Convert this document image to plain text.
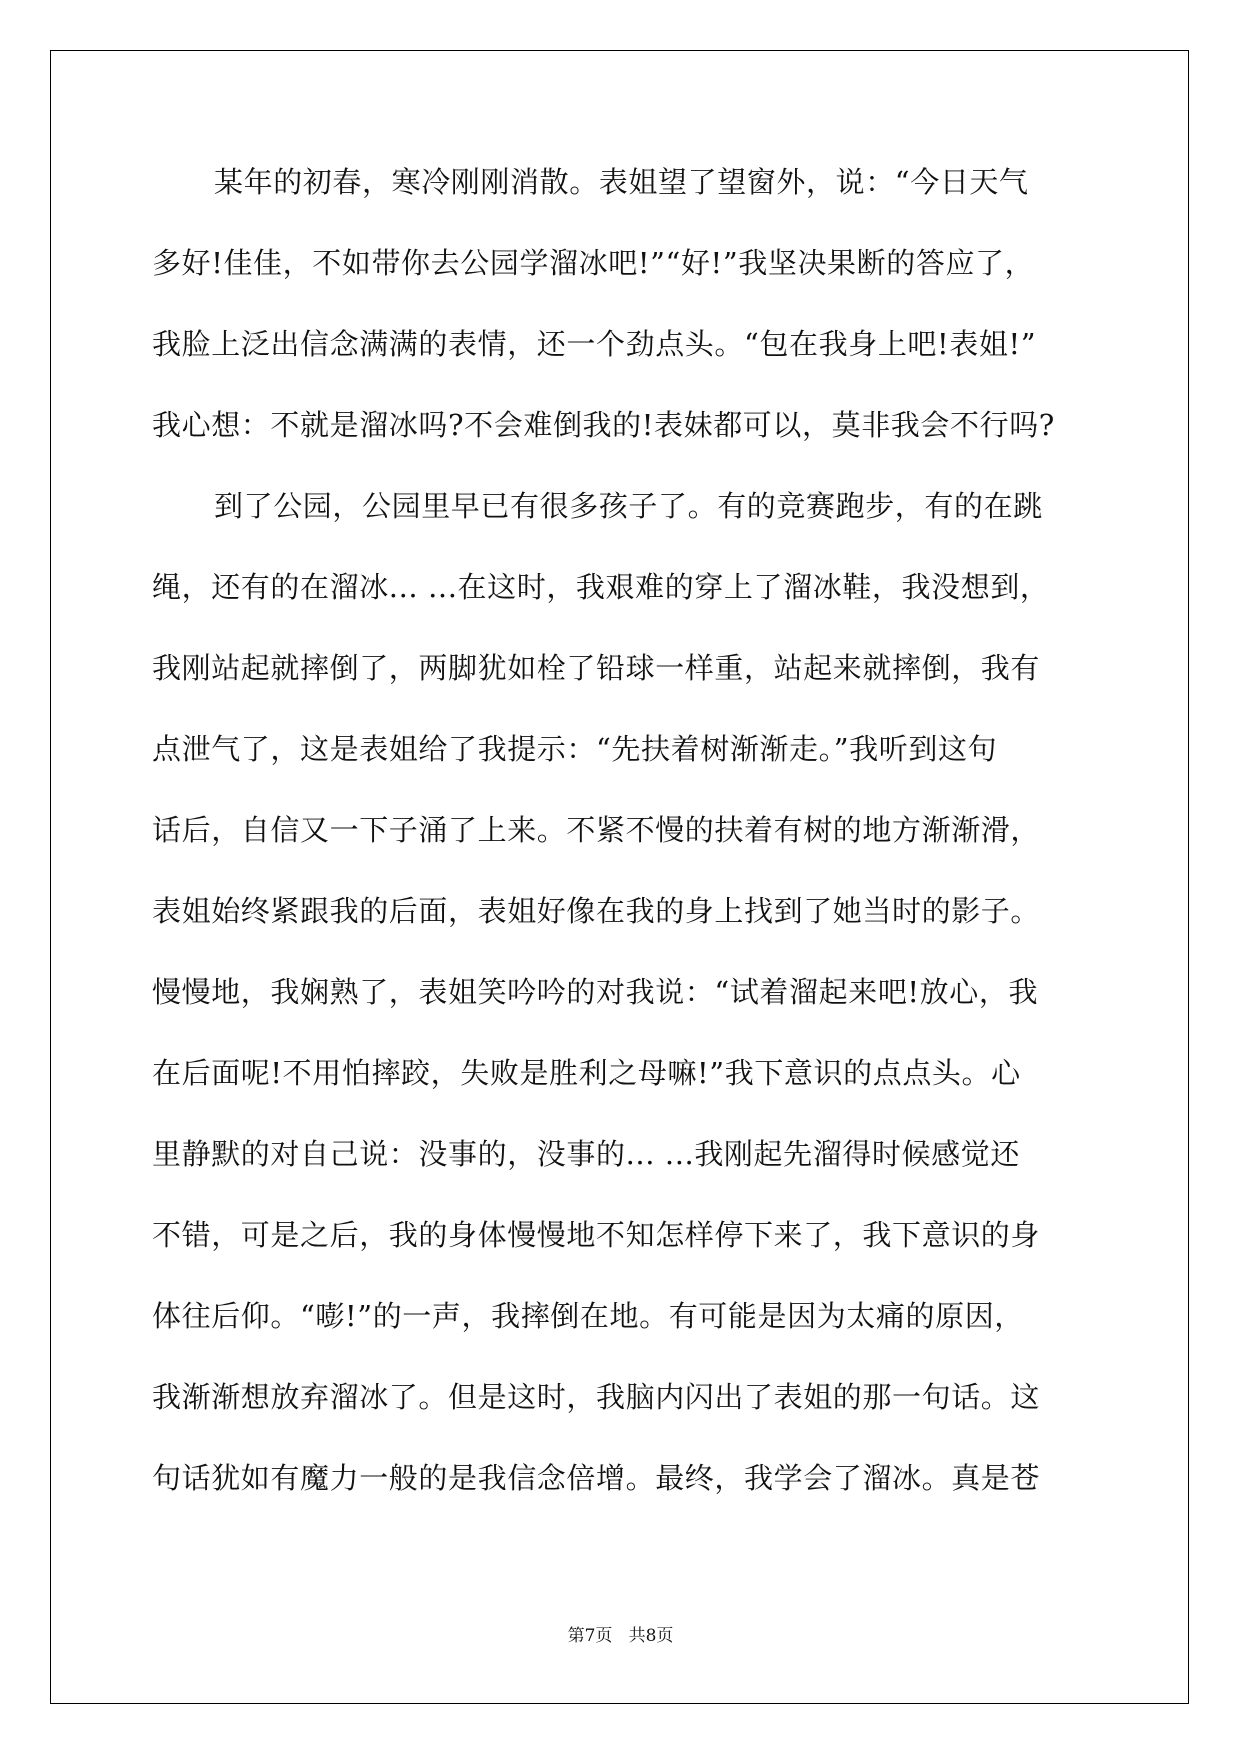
某年的初春，寒冷刚刚消散。表姐望了望窗外，说：“今日天气
多好!佳佳，不如带你去公园学溜冰吧!”“好!”我坚决果断的答应了，
我脸上泛出信念满满的表情，还一个劲点头。“包在我身上吧!表姐!”
我心想：不就是溜冰吗?不会难倒我的!表妹都可以，莫非我会不行吗?
到了公园，公园里早已有很多孩子了。有的竞赛跑步，有的在跳
绳，还有的在溜冰... ...在这时，我艰难的穿上了溜冰鞋，我没想到，
我刚站起就摔倒了，两脚犹如栓了铅球一样重，站起来就摔倒，我有
点泄气了，这是表姐给了我提示：“先扶着树渐渐走。”我听到这句
话后，自信又一下子涌了上来。不紧不慢的扶着有树的地方渐渐滑，
表姐始终紧跟我的后面，表姐好像在我的身上找到了她当时的影子。
慢慢地，我娴熟了，表姐笑吟吟的对我说：“试着溜起来吧!放心，我
在后面呢!不用怕摔跤，失败是胜利之母嘛!”我下意识的点点头。心
里静默的对自己说：没事的，没事的... ...我刚起先溜得时候感觉还
不错，可是之后，我的身体慢慢地不知怎样停下来了，我下意识的身
体往后仰。“嘭!”的一声，我摔倒在地。有可能是因为太痛的原因，
我渐渐想放弃溜冰了。但是这时，我脑内闪出了表姐的那一句话。这
句话犹如有魔力一般的是我信念倍增。最终，我学会了溜冰。真是苍
第7页   共8页
